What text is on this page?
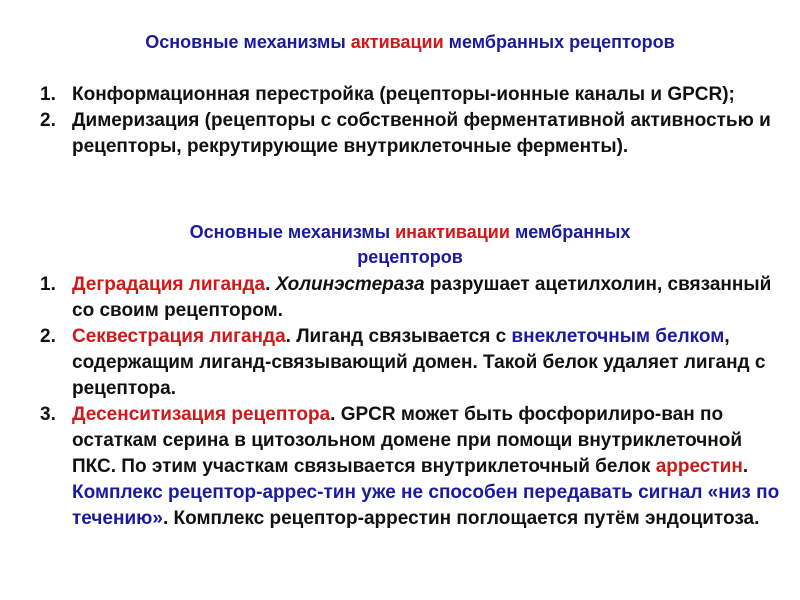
Основные механизмы активации мембранных рецепторов
1. Конформационная перестройка (рецепторы-ионные каналы и GPCR);
2. Димеризация (рецепторы с собственной ферментативной активностью и рецепторы, рекрутирующие внутриклеточные ферменты).
Основные механизмы инактивации мембранных рецепторов
1. Деградация лиганда. Холинэстераза разрушает ацетилхолин, связанный со своим рецептором.
2. Секвестрация лиганда. Лиганд связывается с внеклеточным белком, содержащим лиганд-связывающий домен. Такой белок удаляет лиганд с рецептора.
3. Десенситизация рецептора. GPCR может быть фосфорилиро-ван по остаткам серина в цитозольном домене при помощи внутриклеточной ПКС. По этим участкам связывается внутриклеточный белок аррестин. Комплекс рецептор-аррес-тин уже не способен передавать сигнал «низ по течению». Комплекс рецептор-аррестин поглощается путём эндоцитоза.
